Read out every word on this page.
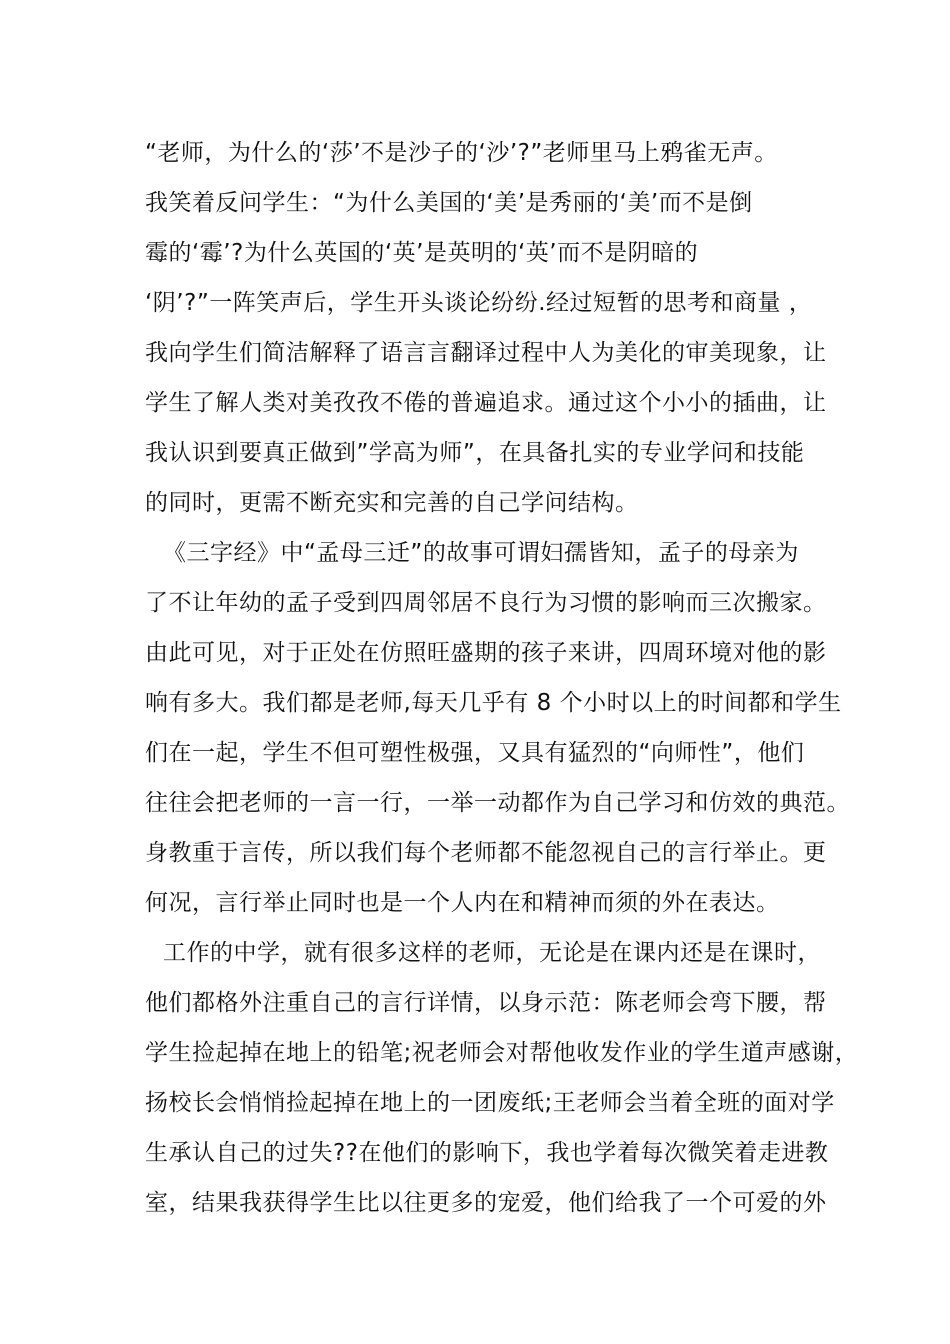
“老师，为什么的‘莎’不是沙子的‘沙’?”老师里马上鸦雀无声。
我笑着反问学生：“为什么美国的‘美’是秀丽的‘美’而不是倒
霉的‘霉’?为什么英国的‘英’是英明的‘英’而不是阴暗的
‘阴’?”一阵笑声后，学生开头谈论纷纷.经过短暂的思考和商量 ，
我向学生们简洁解释了语言言翻译过程中人为美化的审美现象，让
学生了解人类对美孜孜不倦的普遍追求。通过这个小小的插曲，让
我认识到要真正做到”学高为师”，在具备扎实的专业学问和技能
的同时，更需不断充实和完善的自己学问结构。
《三字经》中“孟母三迁”的故事可谓妇孺皆知，孟子的母亲为
了不让年幼的孟子受到四周邻居不良行为习惯的影响而三次搬家。
由此可见，对于正处在仿照旺盛期的孩子来讲，四周环境对他的影
响有多大。我们都是老师,每天几乎有 8 个小时以上的时间都和学生
们在一起，学生不但可塑性极强，又具有猛烈的“向师性”，他们
往往会把老师的一言一行，一举一动都作为自己学习和仿效的典范。
身教重于言传，所以我们每个老师都不能忽视自己的言行举止。更
何况，言行举止同时也是一个人内在和精神而须的外在表达。
工作的中学，就有很多这样的老师，无论是在课内还是在课时，
他们都格外注重自己的言行详情，以身示范：陈老师会弯下腰，帮
学生捡起掉在地上的铅笔;祝老师会对帮他收发作业的学生道声感谢，
扬校长会悄悄捡起掉在地上的一团废纸;王老师会当着全班的面对学
生承认自己的过失??在他们的影响下，我也学着每次微笑着走进教
室，结果我获得学生比以往更多的宠爱，他们给我了一个可爱的外
